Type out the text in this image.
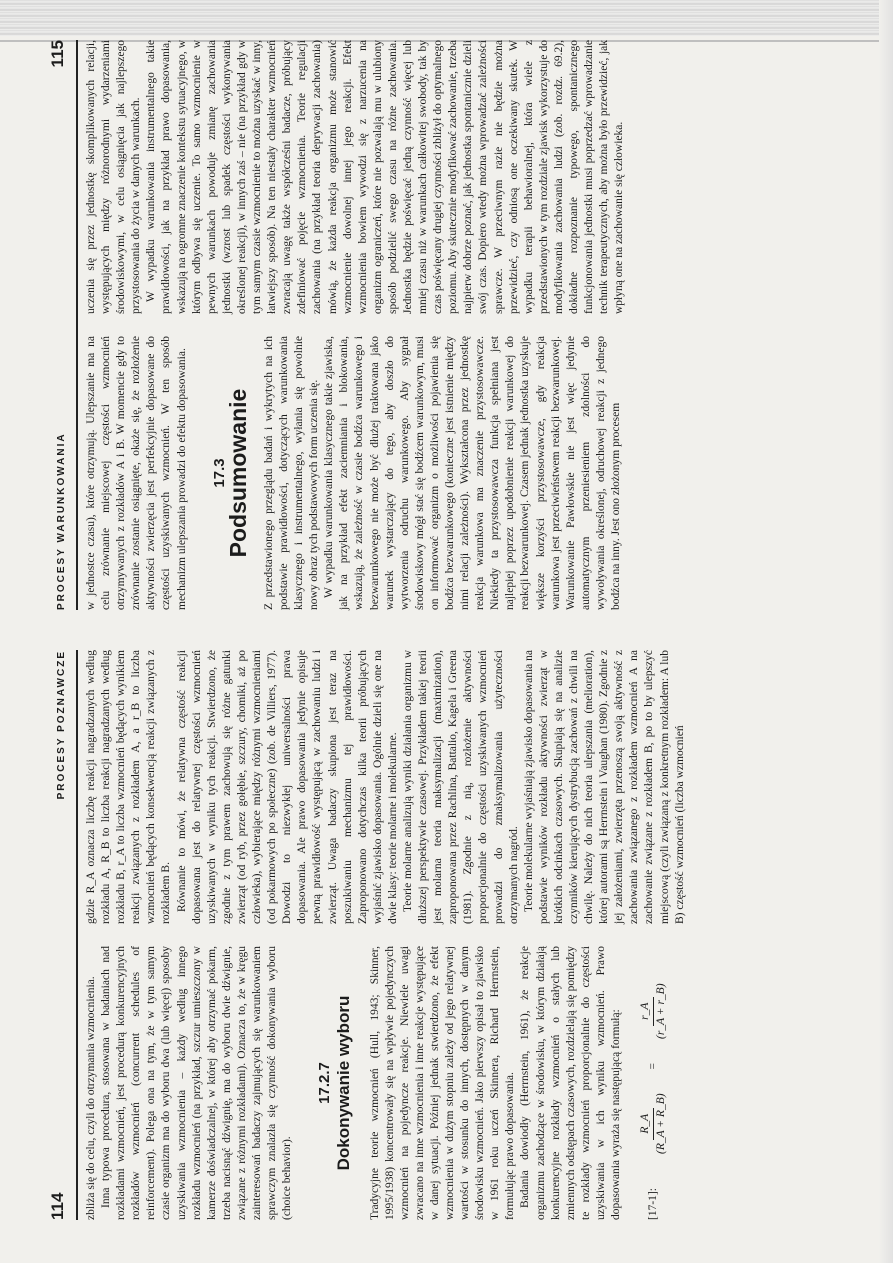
114
PROCESY POZNAWCZE

zbliża się do celu, czyli do otrzymania wzmocnienia. Inna typowa procedura, stosowana w badaniach nad rozkładami wzmocnień, jest procedurą konkurencyjnych rozkładów wzmocnień (concurrent schedules of reinforcement). Polega ona na tym, że w tym samym czasie organizm ma do wyboru dwa (lub więcej) sposoby uzyskiwania wzmocnienia – każdy według innego rozkładu wzmocnień (na przykład, szczur umieszczony w kamerze doświadczalnej, w której aby otrzymać pokarm, trzeba nacisnąć dźwignię, ma do wyboru dwie dźwignie, związane z różnymi rozkładami). Oznacza to, że w kręgu zainteresowań badaczy zajmujących się warunkowaniem sprawczym znalazła się czynność dokonywania wyboru (choice behavior).

17.2.7 Dokonywanie wyboru Tradycyjne teorie wzmocnień (Hull, 1943; Skinner, 1995/1938) koncentrowały się na wpływie pojedynczych wzmocnień na pojedyncze reakcje. Niewiele uwagi zwracano na inne wzmocnienia i inne reakcje występujące w danej sytuacji. Później jednak stwierdzono, że efekt wzmocnienia w dużym stopniu zależy od jego relatywnej wartości w stosunku do innych, dostępnych w danym środowisku wzmocnień. Jako pierwszy opisał to zjawisko w 1961 roku uczeń Skinnera, Richard Herrnstein, formułując prawo dopasowania. Badania dowiodły (Herrnstein, 1961), że reakcje organizmu zachodzące w środowisku, w którym działają konkurencyjne rozkłady wzmocnień o stałych lub zmiennych odstępach czasowych, rozdzielają się pomiędzy te rozkłady wzmocnień proporcjonalnie do częstości uzyskiwania w ich wyniku wzmocnień. Prawo dopasowania wyraża się następującą formułą: [17-1]:
R_A (R_A + R_B)
=
r_A (r_A + r_B)

gdzie R_A oznacza liczbę reakcji nagradzanych według rozkładu A, R_B to liczba reakcji nagradzanych według rozkładu B, r_A to liczba wzmocnień będących wynikiem reakcji związanych z rozkładem A, a r_B to liczba wzmocnień będących konsekwencją reakcji związanych z rozkładem B. Równanie to mówi, że relatywna częstość reakcji dopasowana jest do relatywnej częstości wzmocnień uzyskiwanych w wyniku tych reakcji. Stwierdzono, że zgodnie z tym prawem zachowują się różne gatunki zwierząt (od ryb, przez gołębie, szczury, chomiki, aż po człowieka), wybierające między różnymi wzmocnieniami (od pokarmowych po społeczne) (zob. de Villiers, 1977). Dowodzi to niezwykłej uniwersalności prawa dopasowania. Ale prawo dopasowania jedynie opisuje pewną prawidłowość występującą w zachowaniu ludzi i zwierząt. Uwaga badaczy skupiona jest teraz na poszukiwaniu mechanizmu tej prawidłowości. Zaproponowano dotychczas kilka teorii próbujących wyjaśnić zjawisko dopasowania. Ogólnie dzieli się one na dwie klasy: teorie molarne i molekularne. Teorie molarne analizują wyniki działania organizmu w dłuższej perspektywie czasowej. Przykładem takiej teorii jest molarna teoria maksymalizacji (maximization), zaproponowana przez Rachlina, Battalio, Kagela i Greena (1981). Zgodnie z nią, rozłożenie aktywności proporcjonalnie do częstości uzyskiwanych wzmocnień prowadzi do zmaksymalizowania użyteczności otrzymanych nagród. Teorie molekularne wyjaśniają zjawisko dopasowania na podstawie wyników rozkładu aktywności zwierząt w krótkich odcinkach czasowych. Skupiają się na analizie czynników kierujących dystrybucją zachowań z chwili na chwilę. Należy do nich teoria ulepszania (melioration), której autorami są Herrnstein i Vaughan (1980). Zgodnie z jej założeniami, zwierzęta przenoszą swoją aktywność z zachowania związanego z rozkładem wzmocnień A na zachowanie związane z rozkładem B, po to by ulepszyć miejscową (czyli związaną z konkretnym rozkładem: A lub B) częstość wzmocnień (liczba wzmocnień

PROCESY WARUNKOWANIA
115

w jednostce czasu), które otrzymują. Ulepszanie ma na celu zrównanie miejscowej częstości wzmocnień otrzymywanych z rozkładów A i B. W momencie gdy to zrównanie zostanie osiągnięte, okaże się, że rozłożenie aktywności zwierzęcia jest perfekcyjnie dopasowane do częstości uzyskiwanych wzmocnień. W ten sposób mechanizm ulepszania prowadzi do efektu dopasowania. 17.3
Podsumowanie Z przedstawionego przeglądu badań i wykrytych na ich podstawie prawidłowości, dotyczących warunkowania klasycznego i instrumentalnego, wyłania się powolnie nowy obraz tych podstawowych form uczenia się. W wypadku warunkowania klasycznego takie zjawiska, jak na przykład efekt zaciemniania i blokowania, wskazują, że zależność w czasie bodźca warunkowego i bezwarunkowego nie może być dłużej traktowana jako warunek wystarczający do tego, aby doszło do wytworzenia odruchu warunkowego. Aby sygnał środowiskowy mógł stać się bodźcem warunkowym, musi on informować organizm o możliwości pojawienia się bodźca bezwarunkowego (konieczne jest istnienie między nimi relacji zależności). Wykształcona przez jednostkę reakcja warunkowa ma znaczenie przystosowawcze. Niekiedy ta przystosowawcza funkcja spełniana jest najlepiej poprzez upodobnienie reakcji warunkowej do reakcji bezwarunkowej. Czasem jednak jednostka uzyskuje większe korzyści przystosowawcze, gdy reakcja warunkowa jest przeciwieństwem reakcji bezwarunkowej. Warunkowanie Pawłowskie nie jest więc jedynie automatycznym przeniesieniem zdolności do wywoływania określonej, odruchowej reakcji z jednego bodźca na inny. Jest ono złożonym procesem

uczenia się przez jednostkę skomplikowanych relacji, występujących między różnorodnymi wydarzeniami środowiskowymi, w celu osiągnięcia jak najlepszego przystosowania do życia w danych warunkach. W wypadku warunkowania instrumentalnego takie prawidłowości, jak na przykład prawo dopasowania, wskazują na ogromne znaczenie kontekstu sytuacyjnego, w którym odbywa się uczenie. To samo wzmocnienie w pewnych warunkach powoduje zmianę zachowania jednostki (wzrost lub spadek częstości wykonywania określonej reakcji), w innych zaś – nie (na przykład gdy w tym samym czasie wzmocnienie to można uzyskać w inny, łatwiejszy sposób). Na ten niestały charakter wzmocnień zwracają uwagę także współcześni badacze, próbujący zdefiniować pojęcie wzmocnienia. Teorie regulacji zachowania (na przykład teoria deprywacji zachowania) mówią, że każda reakcja organizmu może stanowić wzmocnienie dowolnej innej jego reakcji. Efekt wzmocnienia bowiem wywodzi się z narzucenia na organizm ograniczeń, które nie pozwalają mu w ulubiony sposób podzielić swego czasu na różne zachowania. Jednostka będzie poświęcać jedną czynność więcej lub mniej czasu niż w warunkach całkowitej swobody, tak by czas poświęcany drugiej czynności zbliżył do optymalnego poziomu. Aby skutecznie modyfikować zachowanie, trzeba najpierw dobrze poznać, jak jednostka spontanicznie dzieli swój czas. Dopiero wtedy można wprowadzać zależności sprawcze. W przeciwnym razie nie będzie można przewidzieć, czy odniosą one oczekiwany skutek. W wypadku terapii behawioralnej, która wiele z przedstawionych w tym rozdziale zjawisk wykorzystuje do modyfikowania zachowania ludzi (zob. rozdz. 69.2), dokładne rozpoznanie typowego, spontanicznego funkcjonowania jednostki musi poprzedzać wprowadzanie technik terapeutycznych, aby można było przewidzieć, jak wpłyną one na zachowanie się człowieka.
